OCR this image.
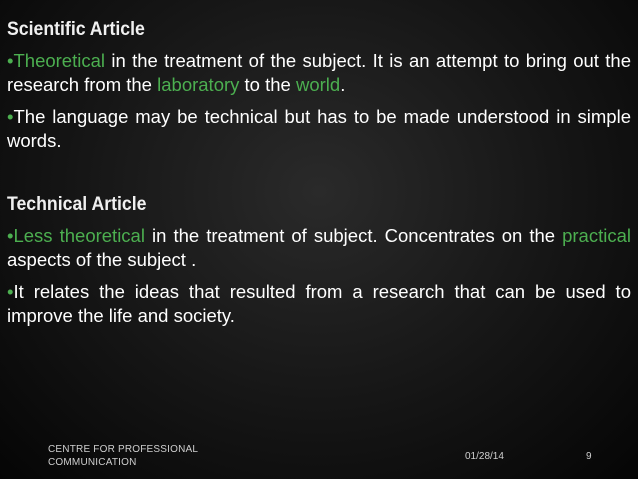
Scientific Article

•Theoretical in the treatment of the subject. It is an attempt to bring out the research from the laboratory to the world.

•The language may be technical but has to be made understood in simple words.

Technical Article

•Less theoretical in the treatment of subject. Concentrates on the practical aspects of the subject .

•It relates the ideas that resulted from a research that can be used to improve the life and society.

CENTRE FOR PROFESSIONAL COMMUNICATION	01/28/14	9
